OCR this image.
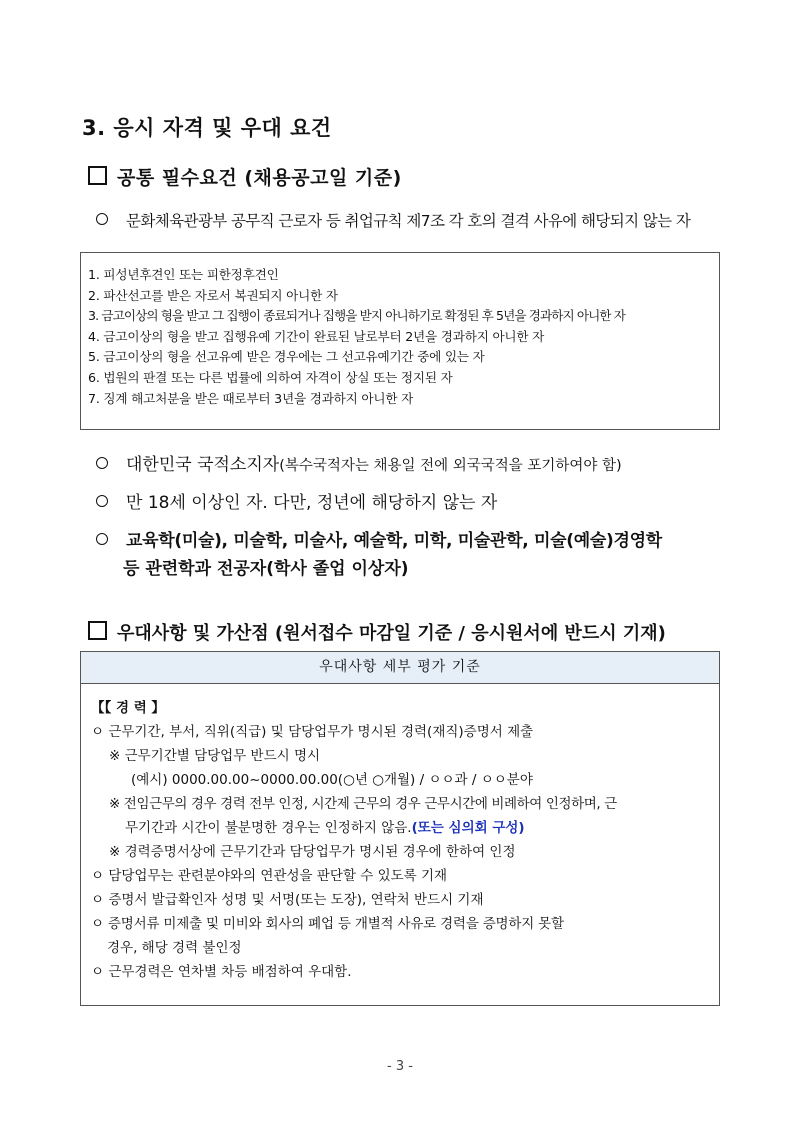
3. 응시 자격 및 우대 요건
공통 필수요건 (채용공고일 기준)
문화체육관광부 공무직 근로자 등 취업규칙 제7조 각 호의 결격 사유에 해당되지 않는 자
1. 피성년후견인 또는 피한정후견인
2. 파산선고를 받은 자로서 복권되지 아니한 자
3. 금고이상의 형을 받고 그 집행이 종료되거나 집행을 받지 아니하기로 확정된 후 5년을 경과하지 아니한 자
4. 금고이상의 형을 받고 집행유예 기간이 완료된 날로부터 2년을 경과하지 아니한 자
5. 금고이상의 형을 선고유예 받은 경우에는 그 선고유예기간 중에 있는 자
6. 법원의 판결 또는 다른 법률에 의하여 자격이 상실 또는 정지된 자
7. 징계 해고처분을 받은 때로부터 3년을 경과하지 아니한 자
대한민국 국적소지자(복수국적자는 채용일 전에 외국국적을 포기하여야 함)
만 18세 이상인 자. 다만, 정년에 해당하지 않는 자
교육학(미술), 미술학, 미술사, 예술학, 미학, 미술관학, 미술(예술)경영학
등 관련학과 전공자(학사 졸업 이상자)
우대사항 및 가산점 (원서접수 마감일 기준 / 응시원서에 반드시 기재)
우대사항 세부 평가 기준
【【 경 력 】
ㅇ 근무기간, 부서, 직위(직급) 및 담당업무가 명시된 경력(재직)증명서 제출
※ 근무기간별 담당업무 반드시 명시
(예시) 0000.00.00~0000.00.00(○년 ○개월) / ㅇㅇ과 / ㅇㅇ분야
※ 전임근무의 경우 경력 전부 인정, 시간제 근무의 경우 근무시간에 비례하여 인정하며, 근
무기간과 시간이 불분명한 경우는 인정하지 않음.(또는 심의회 구성)
※ 경력증명서상에 근무기간과 담당업무가 명시된 경우에 한하여 인정
ㅇ 담당업무는 관련분야와의 연관성을 판단할 수 있도록 기재
ㅇ 증명서 발급확인자 성명 및 서명(또는 도장), 연락처 반드시 기재
ㅇ 증명서류 미제출 및 미비와 회사의 폐업 등 개별적 사유로 경력을 증명하지 못할
경우, 해당 경력 불인정
ㅇ 근무경력은 연차별 차등 배점하여 우대함.
- 3 -
